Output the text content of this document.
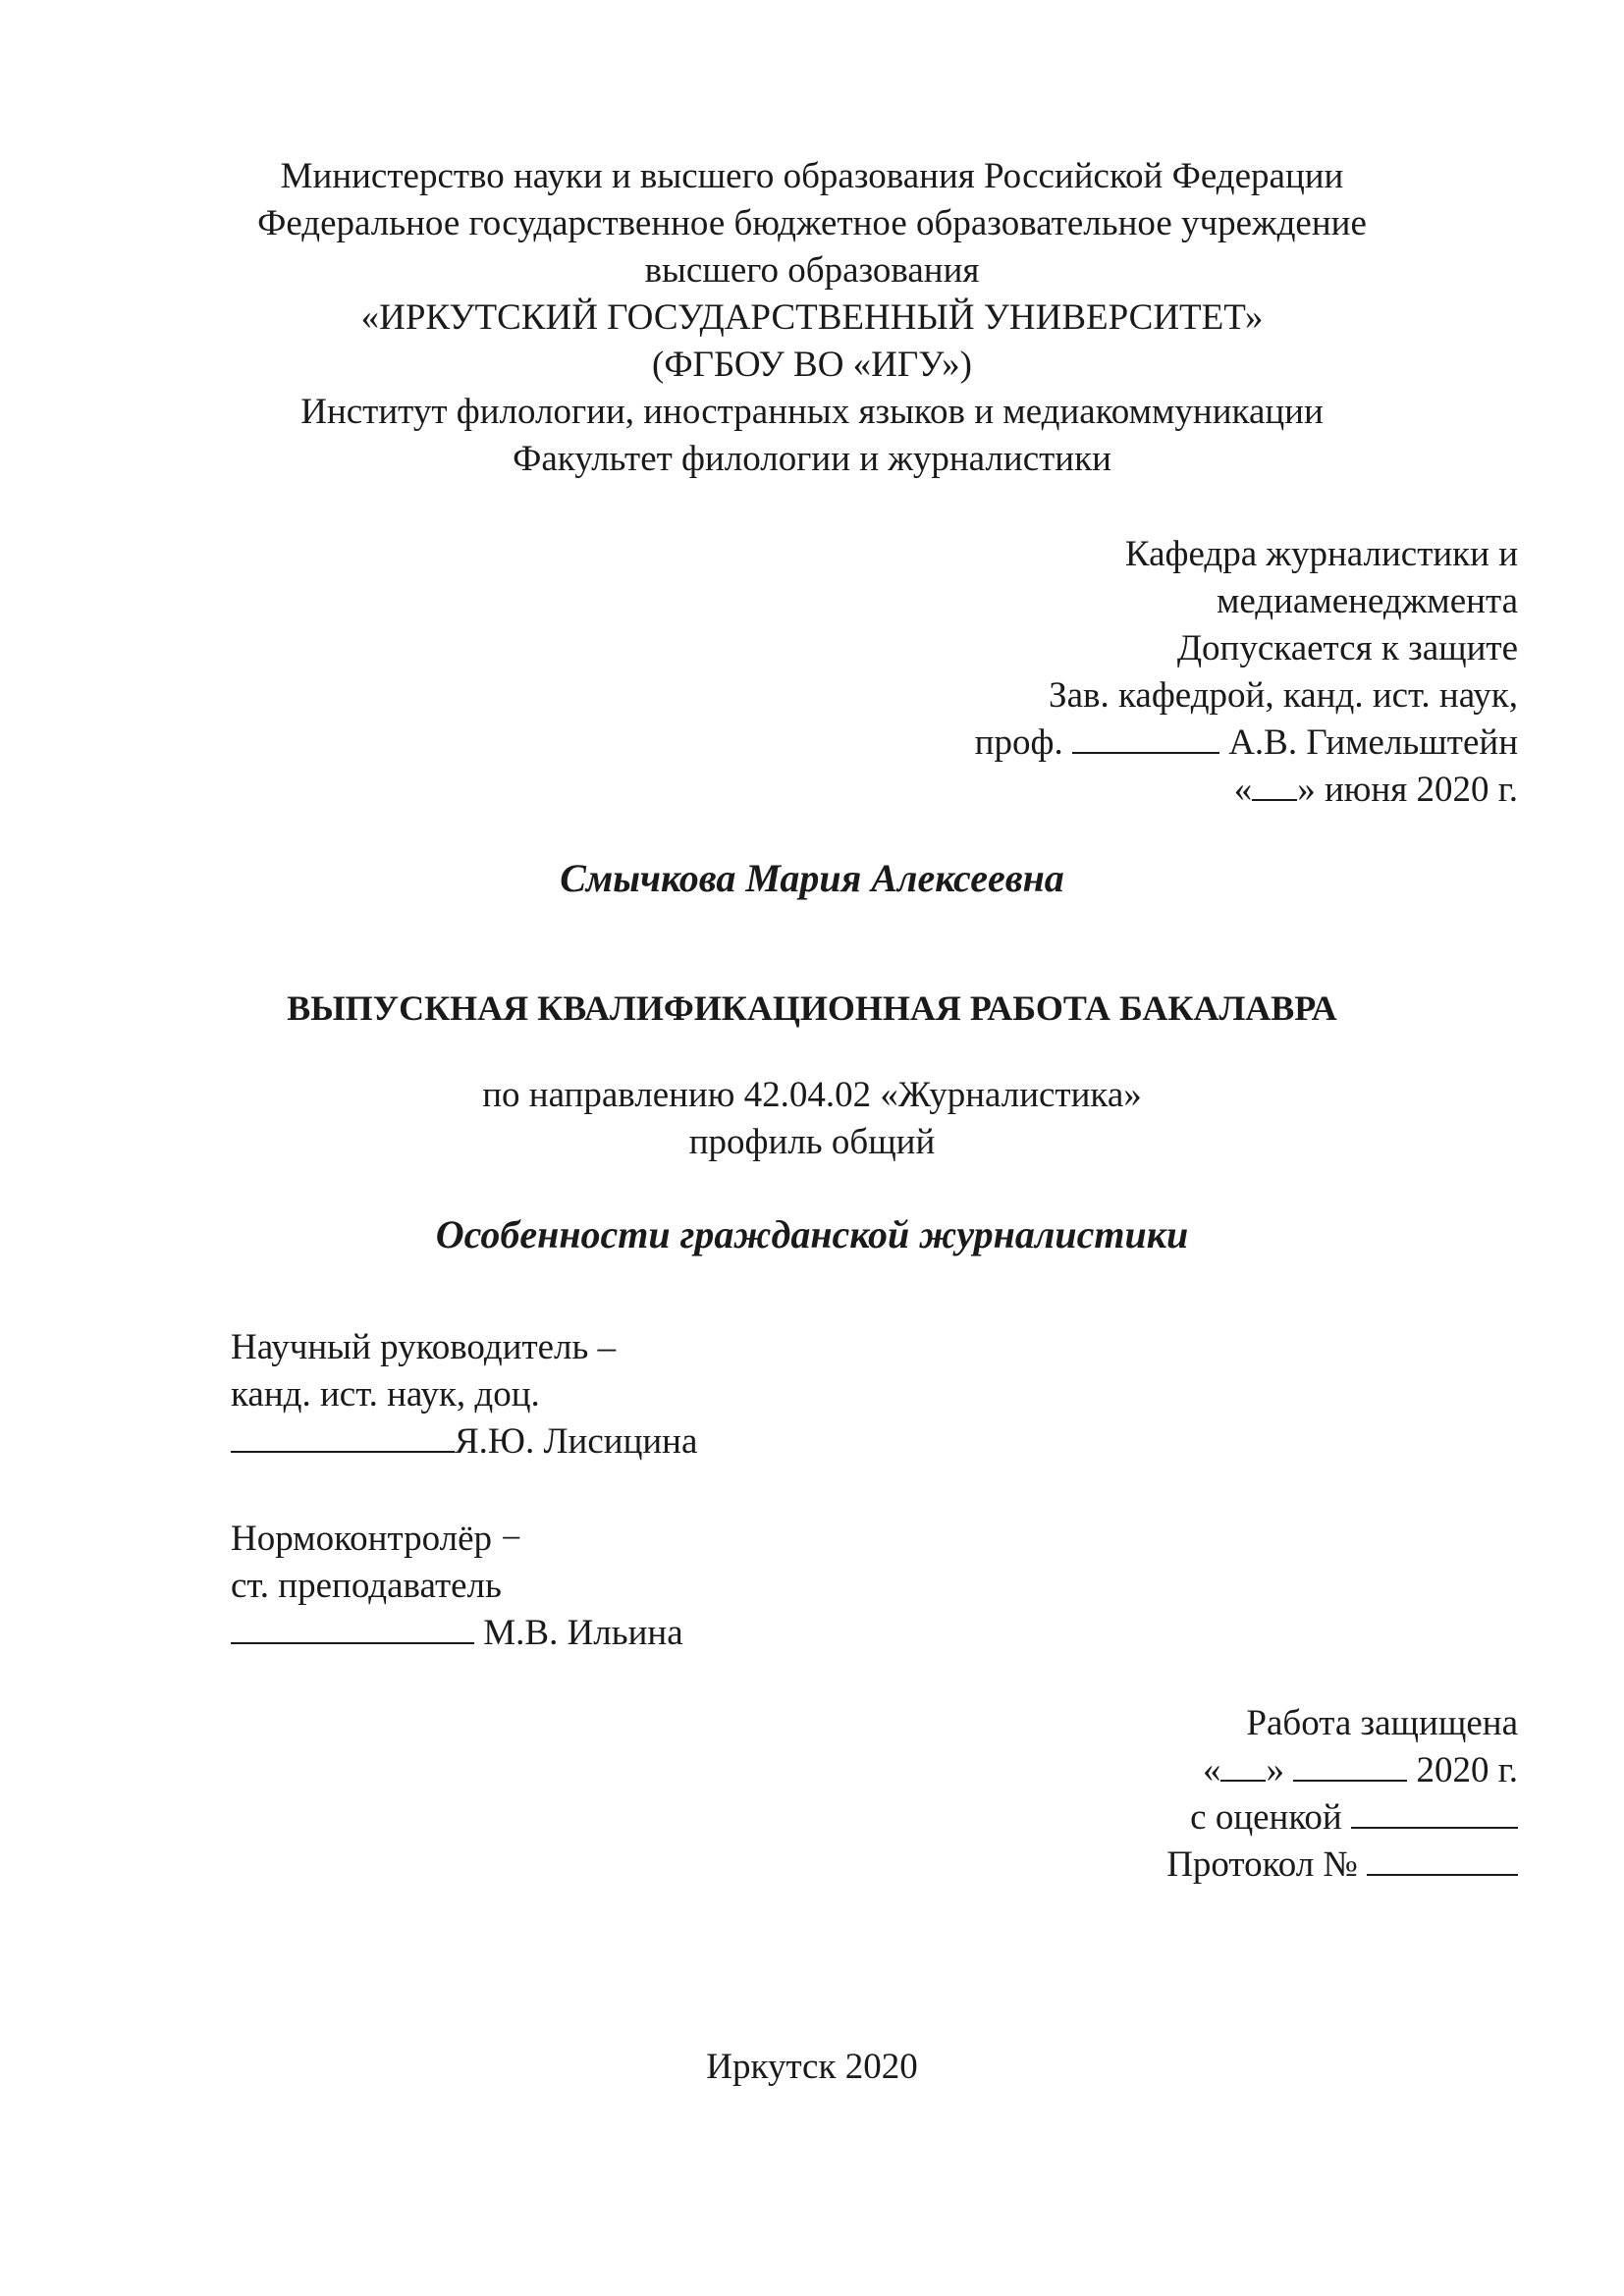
Министерство науки и высшего образования Российской Федерации
Федеральное государственное бюджетное образовательное учреждение
высшего образования
«ИРКУТСКИЙ ГОСУДАРСТВЕННЫЙ УНИВЕРСИТЕТ»
(ФГБОУ ВО «ИГУ»)
Институт филологии, иностранных языков и медиакоммуникации
Факультет филологии и журналистики
Кафедра журналистики и
медиаменеджмента
Допускается к защите
Зав. кафедрой, канд. ист. наук,
проф.	А.В. Гимельштейн
« » июня 2020 г.
Смычкова Мария Алексеевна
ВЫПУСКНАЯ КВАЛИФИКАЦИОННАЯ РАБОТА БАКАЛАВРА
по направлению 42.04.02 «Журналистика»
профиль общий
Особенности гражданской журналистики
Научный руководитель –
канд. ист. наук, доц.
Я.Ю. Лисицина
Нормоконтролёр −
ст. преподаватель
М.В. Ильина
Работа защищена
« »	2020 г.
с оценкой
Протокол №
Иркутск 2020
